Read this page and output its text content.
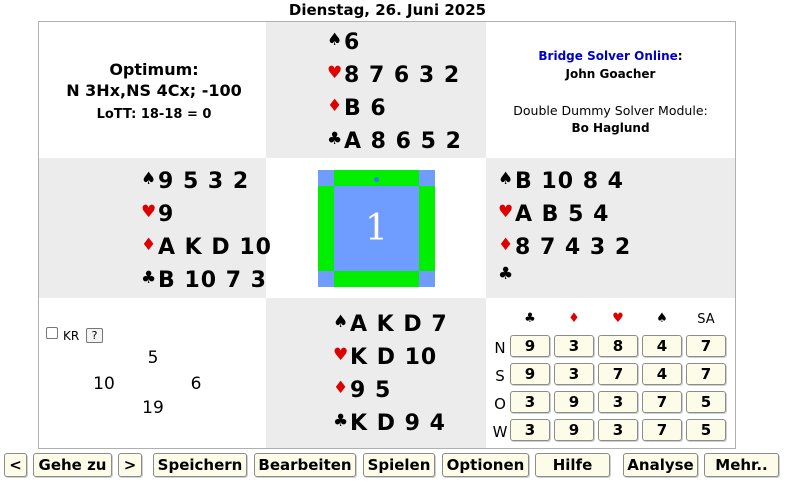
Dienstag, 26. Juni 2025
Optimum:
N 3Hx,NS 4Cx; -100
LoTT: 18-18 = 0
Bridge Solver Online:
John Goacher
Double Dummy Solver Module:
Bo Haglund
♠6
♥8 7 6 3 2
♦B 6
♣A 8 6 5 2
♠9 5 3 2
♥9
♦A K D 10
♣B 10 7 3
♠B 10 8 4
♥A B 5 4
♦8 7 4 3 2
♣
♠A K D 7
♥K D 10
♦9 5
♣K D 9 4
1
KR	?
5
10	6
19
♣	♦	♥	♠	SA
N	9	3	8	4	7
S	9	3	7	4	7
O	3	9	3	7	5
W	3	9	3	7	5
<	Gehe zu	>	Speichern	Bearbeiten	Spielen	Optionen	Hilfe	Analyse	Mehr..
